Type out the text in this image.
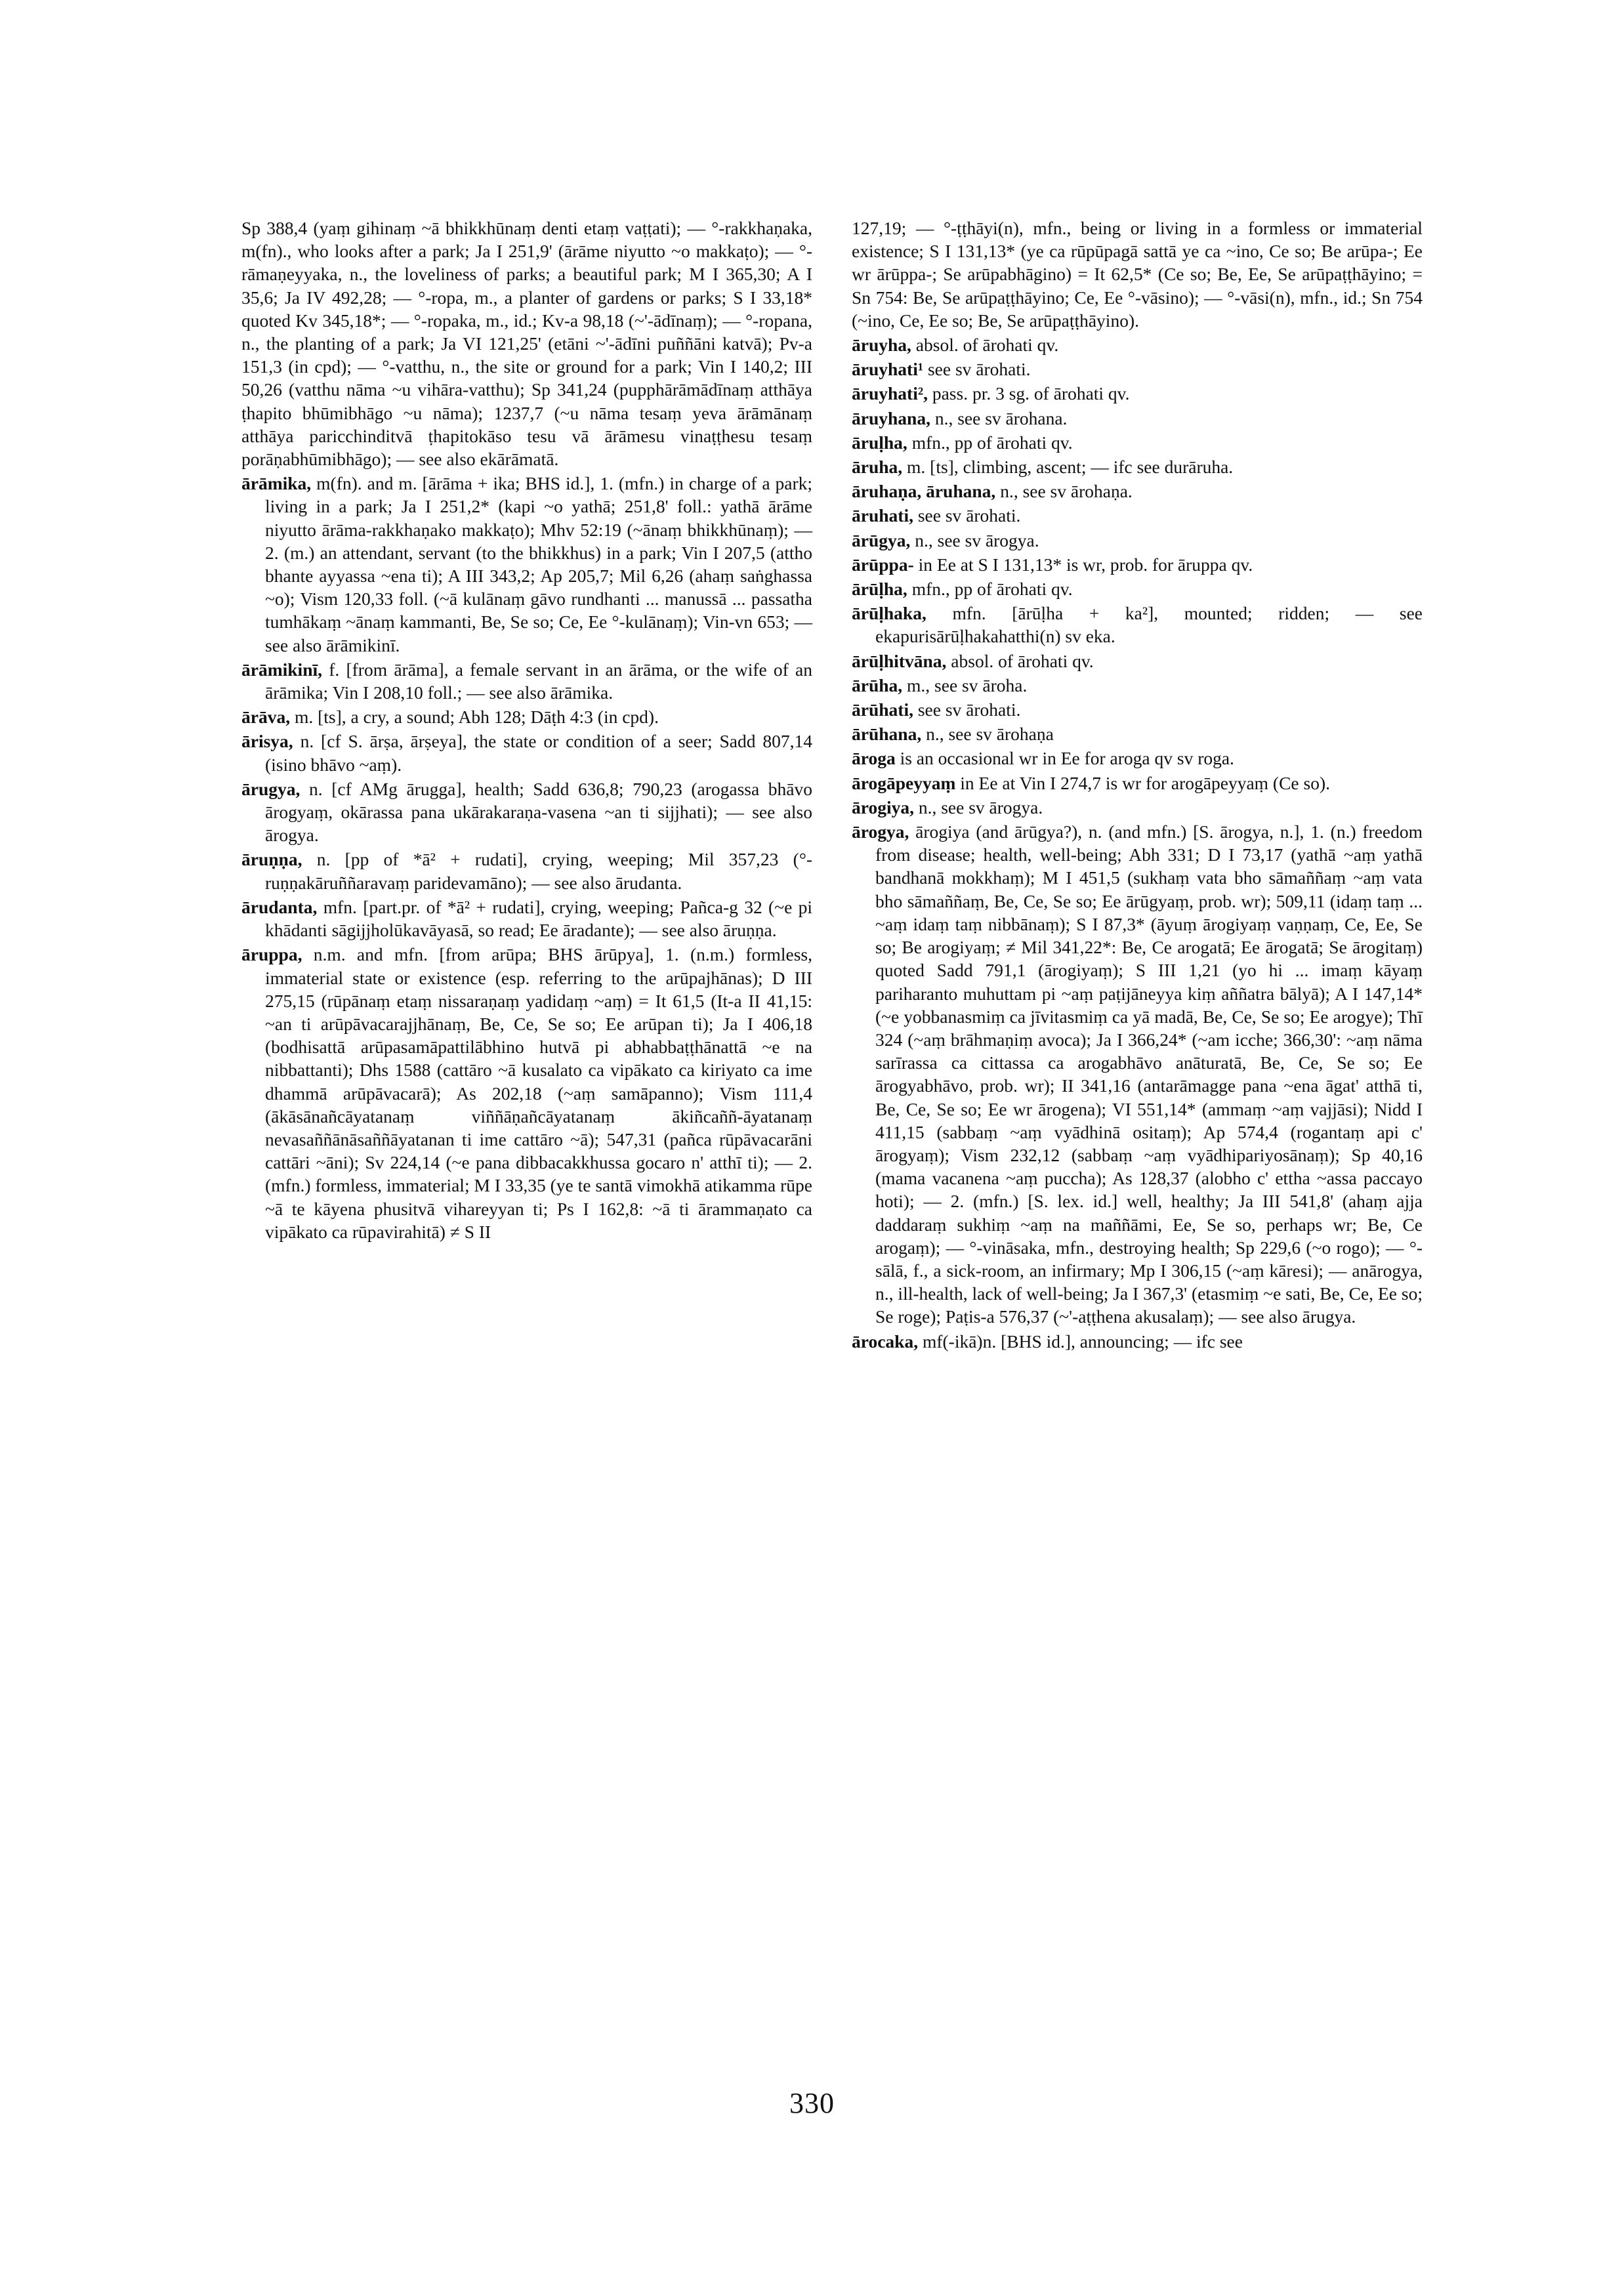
Sp 388,4 (yaṃ gihinaṃ ~ā bhikkhūnaṃ denti etaṃ vaṭṭati); — °-rakkhaṇaka, m(fn)., who looks after a park; Ja I 251,9' (ārāme niyutto ~o makkaṭo); — °-rāmaṇeyyaka, n., the loveliness of parks; a beautiful park; M I 365,30; A I 35,6; Ja IV 492,28; — °-ropa, m., a planter of gardens or parks; S I 33,18* quoted Kv 345,18*; — °-ropaka, m., id.; Kv-a 98,18 (~'-ādīnaṃ); — °-ropana, n., the planting of a park; Ja VI 121,25' (etāni ~'-ādīni puññāni katvā); Pv-a 151,3 (in cpd); — °-vatthu, n., the site or ground for a park; Vin I 140,2; III 50,26 (vatthu nāma ~u vihāra-vatthu); Sp 341,24 (pupphārāmādīnaṃ atthāya ṭhapito bhūmibhāgo ~u nāma); 1237,7 (~u nāma tesaṃ yeva ārāmānaṃ atthāya paricchinditvā ṭhapitokāso tesu vā ārāmesu vinaṭṭhesu tesaṃ porāṇabhūmibhāgo); — see also ekārāmatā.

ārāmika, m(fn). and m. [ārāma + ika; BHS id.], 1. (mfn.) in charge of a park; living in a park; Ja I 251,2* (kapi ~o yathā; 251,8' foll.: yathā ārāme niyutto ārāma-rakkhaṇako makkaṭo); Mhv 52:19 (~ānaṃ bhikkhūnaṃ); — 2. (m.) an attendant, servant (to the bhikkhus) in a park; Vin I 207,5 (attho bhante ayyassa ~ena ti); A III 343,2; Ap 205,7; Mil 6,26 (ahaṃ saṅghassa ~o); Vism 120,33 foll. (~ā kulānaṃ gāvo rundhanti ... manussā ... passatha tumhākaṃ ~ānaṃ kammanti, Be, Se so; Ce, Ee °-kulānaṃ); Vin-vn 653; — see also ārāmikinī.

ārāmikinī, f. [from ārāma], a female servant in an ārāma, or the wife of an ārāmika; Vin I 208,10 foll.; — see also ārāmika.

ārāva, m. [ts], a cry, a sound; Abh 128; Dāṭh 4:3 (in cpd).

ārisya, n. [cf S. ārṣa, ārṣeya], the state or condition of a seer; Sadd 807,14 (isino bhāvo ~aṃ).

ārugya, n. [cf AMg ārugga], health; Sadd 636,8; 790,23 (arogassa bhāvo ārogyaṃ, okārassa pana ukārakaraṇa-vasena ~an ti sijjhati); — see also ārogya.

āruṇṇa, n. [pp of *ā² + rudati], crying, weeping; Mil 357,23 (°-ruṇṇakāruññaravaṃ paridevamāno); — see also ārudanta.

ārudanta, mfn. [part.pr. of *ā² + rudati], crying, weeping; Pañca-g 32 (~e pi khādanti sāgijjholūkavāyasā, so read; Ee āradante); — see also āruṇṇa.

āruppa, n.m. and mfn. [from arūpa; BHS ārūpya], 1. (n.m.) formless, immaterial state or existence (esp. referring to the arūpajhānas); D III 275,15 (rūpānaṃ etaṃ nissaraṇaṃ yadidaṃ ~aṃ) = It 61,5 (It-a II 41,15: ~an ti arūpāvacarajjhānaṃ, Be, Ce, Se so; Ee arūpan ti); Ja I 406,18 (bodhisattā arūpasamāpattilābhino hutvā pi abhabbaṭṭhānattā ~e na nibbattanti); Dhs 1588 (cattāro ~ā kusalato ca vipākato ca kiriyato ca ime dhammā arūpāvacarā); As 202,18 (~aṃ samāpanno); Vism 111,4 (ākāsānañcāyatanaṃ viññāṇañcāyatanaṃ ākiñcaññ-āyatanaṃ nevasaññānāsaññāyatanan ti ime cattāro ~ā); 547,31 (pañca rūpāvacarāni cattāri ~āni); Sv 224,14 (~e pana dibbacakkhussa gocaro n' atthī ti); — 2. (mfn.) formless, immaterial; M I 33,35 (ye te santā vimokhā atikamma rūpe ~ā te kāyena phusitvā vihareyyan ti; Ps I 162,8: ~ā ti ārammaṇato ca vipākato ca rūpavirahitā) ≠ S II

127,19; — °-ṭṭhāyi(n), mfn., being or living in a formless or immaterial existence; S I 131,13* (ye ca rūpūpagā sattā ye ca ~ino, Ce so; Be arūpa-; Ee wr ārūppa-; Se arūpabhāgino) = It 62,5* (Ce so; Be, Ee, Se arūpaṭṭhāyino; = Sn 754: Be, Se arūpaṭṭhāyino; Ce, Ee °-vāsino); — °-vāsi(n), mfn., id.; Sn 754 (~ino, Ce, Ee so; Be, Se arūpaṭṭhāyino).

āruyha, absol. of ārohati qv.

āruyhati¹ see sv ārohati.

āruyhati², pass. pr. 3 sg. of ārohati qv.

āruyhana, n., see sv ārohana.

āruḷha, mfn., pp of ārohati qv.

āruha, m. [ts], climbing, ascent; — ifc see durāruha.

āruhaṇa, āruhana, n., see sv ārohaṇa.

āruhati, see sv ārohati.

ārūgya, n., see sv ārogya.

ārūppa- in Ee at S I 131,13* is wr, prob. for āruppa qv.

ārūḷha, mfn., pp of ārohati qv.

ārūḷhaka, mfn. [ārūḷha + ka²], mounted; ridden; — see ekapurisārūḷhakahatthi(n) sv eka.

ārūḷhitvāna, absol. of ārohati qv.

ārūha, m., see sv āroha.

ārūhati, see sv ārohati.

ārūhana, n., see sv ārohaṇa

āroga is an occasional wr in Ee for aroga qv sv roga.

ārogāpeyyaṃ in Ee at Vin I 274,7 is wr for arogāpeyyaṃ (Ce so).

ārogiya, n., see sv ārogya.

ārogya, ārogiya (and ārūgya?), n. (and mfn.) [S. ārogya, n.], 1. (n.) freedom from disease; health, well-being; Abh 331; D I 73,17 (yathā ~aṃ yathā bandhanā mokkhaṃ); M I 451,5 (sukhaṃ vata bho sāmaññaṃ ~aṃ vata bho sāmaññaṃ, Be, Ce, Se so; Ee ārūgyaṃ, prob. wr); 509,11 (idaṃ taṃ ... ~aṃ idaṃ taṃ nibbānaṃ); S I 87,3* (āyuṃ ārogiyaṃ vaṇṇaṃ, Ce, Ee, Se so; Be arogiyaṃ; ≠ Mil 341,22*: Be, Ce arogatā; Ee ārogatā; Se ārogitaṃ) quoted Sadd 791,1 (ārogiyaṃ); S III 1,21 (yo hi ... imaṃ kāyaṃ pariharanto muhuttam pi ~aṃ paṭijāneyya kiṃ aññatra bālyā); A I 147,14* (~e yobbanasmiṃ ca jīvitasmiṃ ca yā madā, Be, Ce, Se so; Ee arogye); Thī 324 (~aṃ brāhmaṇiṃ avoca); Ja I 366,24* (~am icche; 366,30': ~aṃ nāma sarīrassa ca cittassa ca arogabhāvo anāturatā, Be, Ce, Se so; Ee ārogyabhāvo, prob. wr); II 341,16 (antarāmagge pana ~ena āgat' atthā ti, Be, Ce, Se so; Ee wr ārogena); VI 551,14* (ammaṃ ~aṃ vajjāsi); Nidd I 411,15 (sabbaṃ ~aṃ vyādhinā ositaṃ); Ap 574,4 (rogantaṃ api c' ārogyaṃ); Vism 232,12 (sabbaṃ ~aṃ vyādhipariyosānaṃ); Sp 40,16 (mama vacanena ~aṃ puccha); As 128,37 (alobho c' ettha ~assa paccayo hoti); — 2. (mfn.) [S. lex. id.] well, healthy; Ja III 541,8' (ahaṃ ajja daddaraṃ sukhiṃ ~aṃ na maññāmi, Ee, Se so, perhaps wr; Be, Ce arogaṃ); — °-vināsaka, mfn., destroying health; Sp 229,6 (~o rogo); — °-sālā, f., a sick-room, an infirmary; Mp I 306,15 (~aṃ kāresi); — anārogya, n., ill-health, lack of well-being; Ja I 367,3' (etasmiṃ ~e sati, Be, Ce, Ee so; Se roge); Paṭis-a 576,37 (~'-aṭṭhena akusalaṃ); — see also ārugya.

ārocaka, mf(-ikā)n. [BHS id.], announcing; — ifc see

330
